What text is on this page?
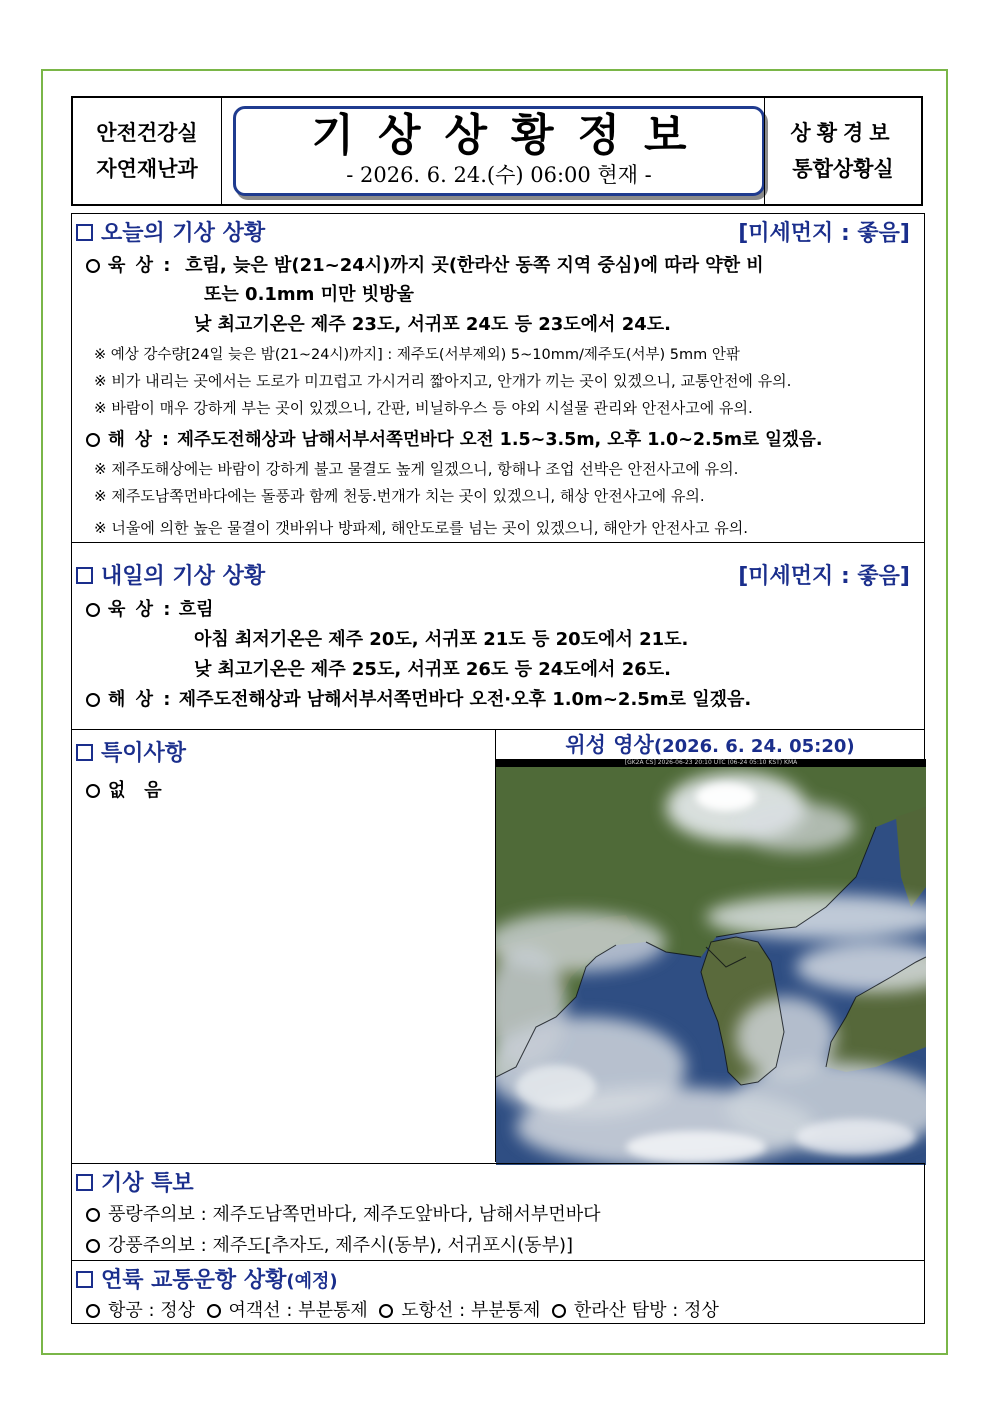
안전건강실
자연재난과
기상상황정보
- 2026. 6. 24.(수) 06:00 현재 -
상황경보
통합상황실
오늘의 기상 상황	[미세먼지 : 좋음]
육 상 : 흐림, 늦은 밤(21~24시)까지 곳(한라산 동쪽 지역 중심)에 따라 약한 비
또는 0.1mm 미만 빗방울
낮 최고기온은 제주 23도, 서귀포 24도 등 23도에서 24도.
※ 예상 강수량[24일 늦은 밤(21~24시)까지] : 제주도(서부제외) 5~10mm/제주도(서부) 5mm 안팎
※ 비가 내리는 곳에서는 도로가 미끄럽고 가시거리 짧아지고, 안개가 끼는 곳이 있겠으니, 교통안전에 유의.
※ 바람이 매우 강하게 부는 곳이 있겠으니, 간판, 비닐하우스 등 야외 시설물 관리와 안전사고에 유의.
해 상 : 제주도전해상과 남해서부서쪽먼바다 오전 1.5~3.5m, 오후 1.0~2.5m로 일겠음.
※ 제주도해상에는 바람이 강하게 불고 물결도 높게 일겠으니, 항해나 조업 선박은 안전사고에 유의.
※ 제주도남쪽먼바다에는 돌풍과 함께 천둥.번개가 치는 곳이 있겠으니, 해상 안전사고에 유의.
※ 너울에 의한 높은 물결이 갯바위나 방파제, 해안도로를 넘는 곳이 있겠으니, 해안가 안전사고 유의.
내일의 기상 상황	[미세먼지 : 좋음]
육 상 : 흐림
아침 최저기온은 제주 20도, 서귀포 21도 등 20도에서 21도.
낮 최고기온은 제주 25도, 서귀포 26도 등 24도에서 26도.
해 상 : 제주도전해상과 남해서부서쪽먼바다 오전·오후 1.0m~2.5m로 일겠음.
특이사항
없   음
위성 영상(2026. 6. 24. 05:20)
[GK2A CS] 2026-06-23 20:10 UTC (06-24 05:10 KST) KMA
기상 특보
풍랑주의보 : 제주도남쪽먼바다, 제주도앞바다, 남해서부먼바다
강풍주의보 : 제주도[추자도, 제주시(동부), 서귀포시(동부)]
연륙 교통운항 상황(예정)
항공 : 정상 여객선 : 부분통제 도항선 : 부분통제 한라산 탐방 : 정상
